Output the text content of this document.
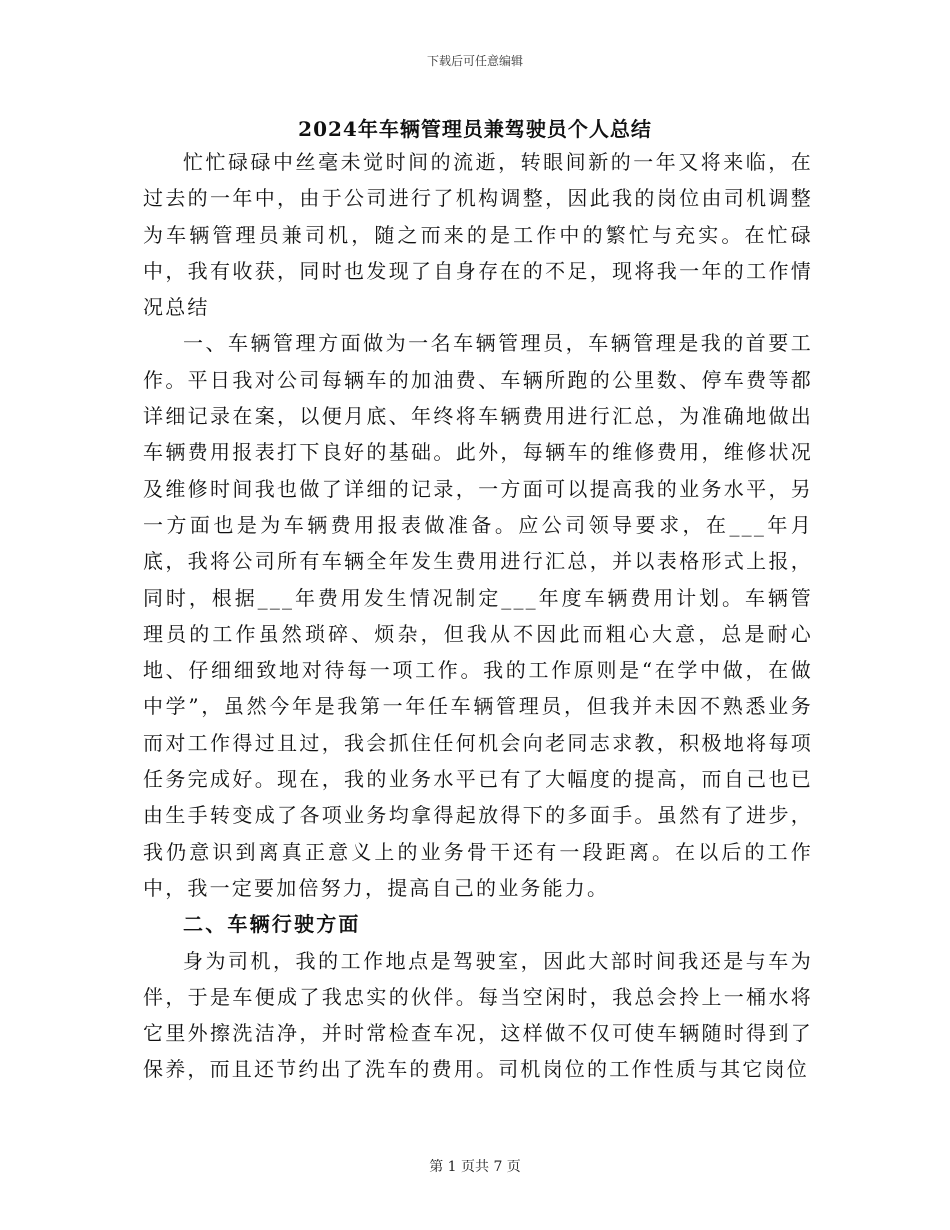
下载后可任意编辑
2024年车辆管理员兼驾驶员个人总结

忙忙碌碌中丝毫未觉时间的流逝，转眼间新的一年又将来临，在过去的一年中，由于公司进行了机构调整，因此我的岗位由司机调整为车辆管理员兼司机，随之而来的是工作中的繁忙与充实。在忙碌中，我有收获，同时也发现了自身存在的不足，现将我一年的工作情况总结

一、车辆管理方面做为一名车辆管理员，车辆管理是我的首要工作。平日我对公司每辆车的加油费、车辆所跑的公里数、停车费等都详细记录在案，以便月底、年终将车辆费用进行汇总，为准确地做出车辆费用报表打下良好的基础。此外，每辆车的维修费用，维修状况及维修时间我也做了详细的记录，一方面可以提高我的业务水平，另一方面也是为车辆费用报表做准备。应公司领导要求，在___年月底，我将公司所有车辆全年发生费用进行汇总，并以表格形式上报，同时，根据___年费用发生情况制定___年度车辆费用计划。车辆管理员的工作虽然琐碎、烦杂，但我从不因此而粗心大意，总是耐心地、仔细细致地对待每一项工作。我的工作原则是“在学中做，在做中学”，虽然今年是我第一年任车辆管理员，但我并未因不熟悉业务而对工作得过且过，我会抓住任何机会向老同志求教，积极地将每项任务完成好。现在，我的业务水平已有了大幅度的提高，而自己也已由生手转变成了各项业务均拿得起放得下的多面手。虽然有了进步，我仍意识到离真正意义上的业务骨干还有一段距离。在以后的工作中，我一定要加倍努力，提高自己的业务能力。

二、车辆行驶方面

身为司机，我的工作地点是驾驶室，因此大部时间我还是与车为伴，于是车便成了我忠实的伙伴。每当空闲时，我总会拎上一桶水将它里外擦洗洁净，并时常检查车况，这样做不仅可使车辆随时得到了保养，而且还节约出了洗车的费用。司机岗位的工作性质与其它岗位

第 1 页共 7 页
